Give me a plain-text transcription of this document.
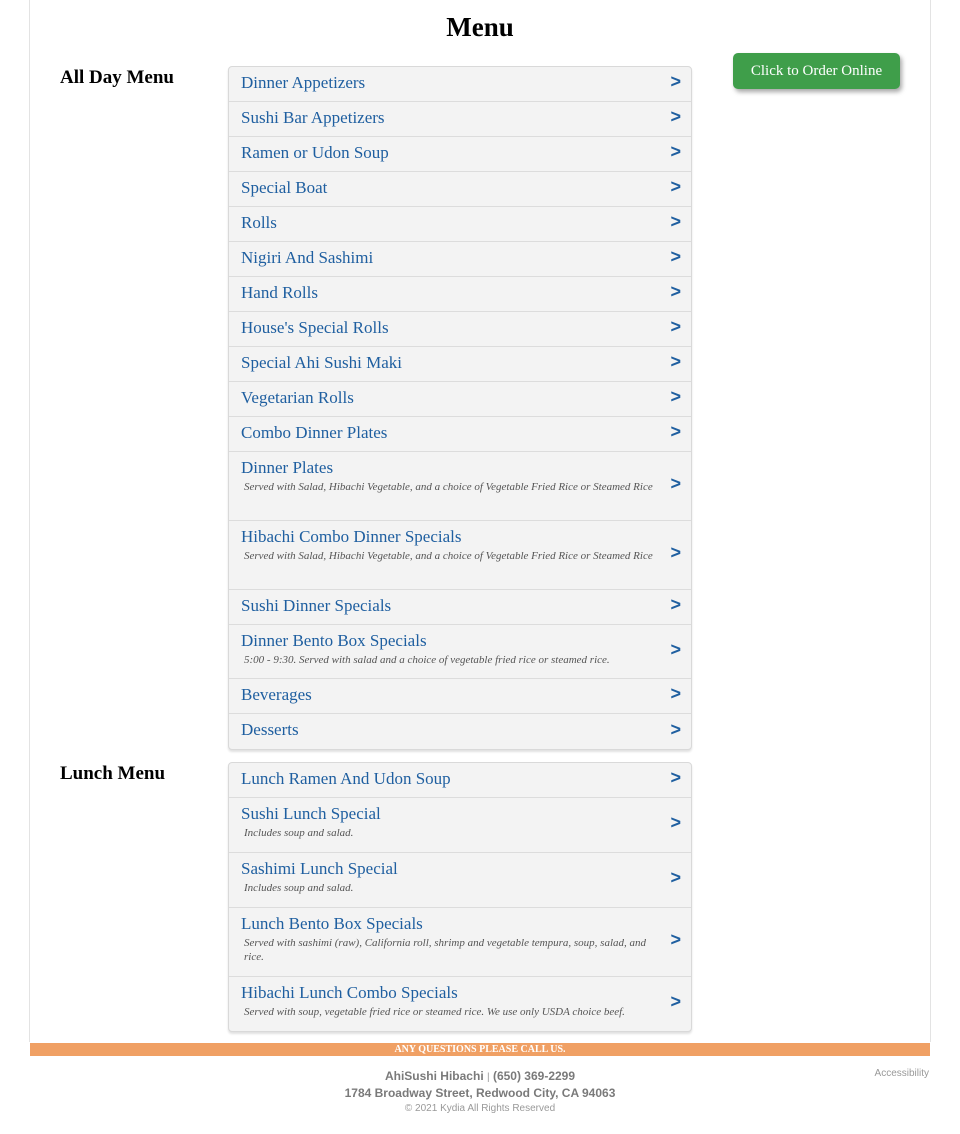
Menu
Click to Order Online
All Day Menu	Dinner Appetizers	>
Sushi Bar Appetizers	>
Ramen or Udon Soup	>
Special Boat	>
Rolls	>
Nigiri And Sashimi	>
Hand Rolls	>
House's Special Rolls	>
Special Ahi Sushi Maki	>
Vegetarian Rolls	>
Combo Dinner Plates	>
Dinner Plates
Served with Salad, Hibachi Vegetable, and a choice of Vegetable Fried Rice or Steamed Rice >
Hibachi Combo Dinner Specials
Served with Salad, Hibachi Vegetable, and a choice of Vegetable Fried Rice or Steamed Rice >
Sushi Dinner Specials	>
Dinner Bento Box Specials
5:00 - 9:30. Served with salad and a choice of vegetable fried rice or steamed rice.
>
Beverages	>
Desserts	>
Lunch Menu	Lunch Ramen And Udon Soup	>
Sushi Lunch Special
Includes soup and salad.
>
Sashimi Lunch Special
Includes soup and salad.
>
Lunch Bento Box Specials
Served with sashimi (raw), California roll, shrimp and vegetable tempura, soup, salad, and rice.
>
Hibachi Lunch Combo Specials
Served with soup, vegetable fried rice or steamed rice. We use only USDA choice beef.
>
ANY QUESTIONS PLEASE CALL US.
AhiSushi Hibachi | (650) 369-2299
1784 Broadway Street, Redwood City, CA 94063
© 2021 Kydia All Rights Reserved
Accessibility
